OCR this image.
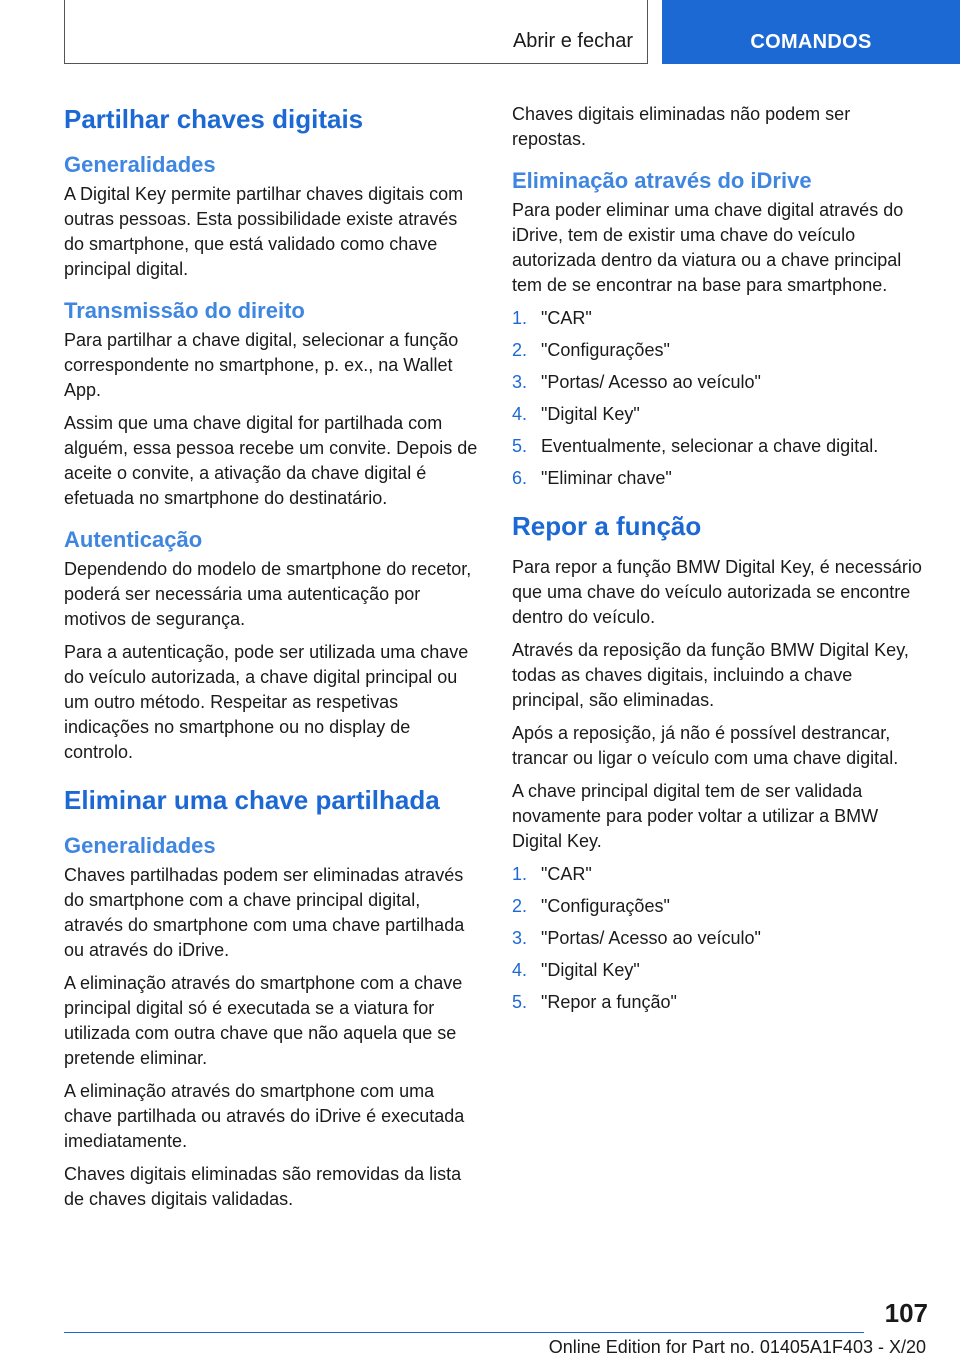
Abrir e fechar	COMANDOS
Partilhar chaves digitais
Generalidades

A Digital Key permite partilhar chaves digitais com outras pessoas. Esta possibilidade existe através do smartphone, que está validado como chave principal digital.

Transmissão do direito

Para partilhar a chave digital, selecionar a função correspondente no smartphone, p. ex., na Wallet App.

Assim que uma chave digital for partilhada com alguém, essa pessoa recebe um convite. Depois de aceite o convite, a ativação da chave digital é efetuada no smartphone do destinatário.

Autenticação

Dependendo do modelo de smartphone do recetor, poderá ser necessária uma autenticação por motivos de segurança.

Para a autenticação, pode ser utilizada uma chave do veículo autorizada, a chave digital principal ou um outro método. Respeitar as respetivas indicações no smartphone ou no display de controlo.

Eliminar uma chave partilhada
Generalidades

Chaves partilhadas podem ser eliminadas através do smartphone com a chave principal digital, através do smartphone com uma chave partilhada ou através do iDrive.

A eliminação através do smartphone com a chave principal digital só é executada se a viatura for utilizada com outra chave que não aquela que se pretende eliminar.

A eliminação através do smartphone com uma chave partilhada ou através do iDrive é executada imediatamente.

Chaves digitais eliminadas são removidas da lista de chaves digitais validadas.

Chaves digitais eliminadas não podem ser repostas.

Eliminação através do iDrive

Para poder eliminar uma chave digital através do iDrive, tem de existir uma chave do veículo autorizada dentro da viatura ou a chave principal tem de se encontrar na base para smartphone.

1. "CAR"
2. "Configurações"
3. "Portas/ Acesso ao veículo"
4. "Digital Key"
5. Eventualmente, selecionar a chave digital.
6. "Eliminar chave"
Repor a função

Para repor a função BMW Digital Key, é necessário que uma chave do veículo autorizada se encontre dentro do veículo.

Através da reposição da função BMW Digital Key, todas as chaves digitais, incluindo a chave principal, são eliminadas.

Após a reposição, já não é possível destrancar, trancar ou ligar o veículo com uma chave digital.

A chave principal digital tem de ser validada novamente para poder voltar a utilizar a BMW Digital Key.

1. "CAR"
2. "Configurações"
3. "Portas/ Acesso ao veículo"
4. "Digital Key"
5. "Repor a função"
107
Online Edition for Part no. 01405A1F403 - X/20
